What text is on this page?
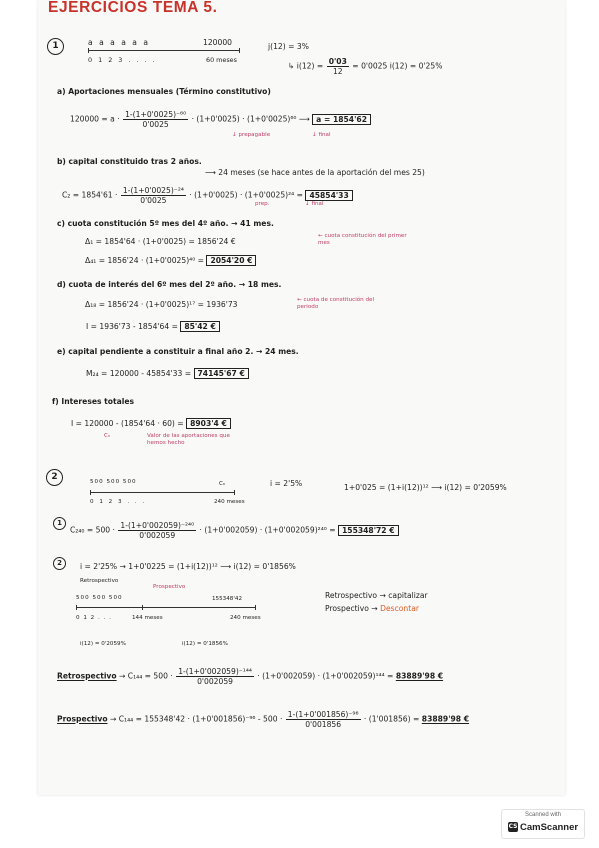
EJERCICIOS TEMA 5.
1	a a a a a a	120000
0 1 2 3 . . . .	60 meses
j(12) = 3%
↳ $i(12) = \frac{0'03}{12} = 0'0025$ i(12) = 0'25%
a) Aportaciones mensuales (Término constitutivo)
$120000 = a \cdot \frac{\text{1-(1+0'0025)⁻⁶⁰}}{0'0025} \cdot (1+0'0025) \cdot (1+0'0025)^{60}$ ⟶ a = 1854'62
↓ prepagable	↓ final
b) capital constituido tras 2 años.
⟶ 24 meses (se hace antes de la aportación del mes 25)
$C_2 = 1854'61 \cdot \frac{\text{1-(1+0'0025)⁻²⁴}}{0'0025} \cdot (1+0'0025) \cdot (1+0'0025)^{24} = 45854'33$
prep.	↓ final
c) cuota constitución 5º mes del 4º año. → 41 mes.
Δ₁ = 1854'64 · (1+0'0025) = 1856'24 €
← cuota constitución del primer mes
Δ₄₁ = 1856'24 · (1+0'0025)⁴⁰ = 2054'20 €
d) cuota de interés del 6º mes del 2º año. → 18 mes.
Δ₁₈ = 1856'24 · (1+0'0025)¹⁷ = 1936'73	← cuota de constitución del periodo
I = 1936'73 - 1854'64 = 85'42 €
e) capital pendiente a constituir a final año 2. → 24 mes.
M₂₄ = 120000 - 45854'33 = 74145'67 €
f) Intereses totales
I = 120000 - (1854'64 · 60) = 8903'4 €
Cₙ	Valor de las aportaciones que hemos hecho
2	500 500 500	Cₙ
0 1 2 3 . . .	240 meses
i = 2'5%	1+0'025 = (1+i(12))¹² ⟶ i(12) = 0'2059%
1
$C_{240} = 500 \cdot \frac{\text{1-(1+0'002059)⁻²⁴⁰}}{0'002059} \cdot (1+0'002059) \cdot (1+0'002059)^{240} = 155348'72$ €
2	i = 2'25% → 1+0'0225 = (1+i(12))¹² ⟶ i(12) = 0'1856%
Retrospectivo
Prospectivo
500 500 500	155348'42
0 1 2 . . .	144 meses	240 meses
i(12) = 0'2059%	i(12) = 0'1856%
Retrospectivo → capitalizar
Prospectivo → Descontar
Retrospectivo → $C_{144} = 500 \cdot \frac{\text{1-(1+0'002059)⁻¹⁴⁴}}{0'002059} \cdot (1+0'002059) \cdot (1+0'002059)^{144} = 83889'98$ €
Prospectivo → $C_{144} = 155348'42 \cdot (1+0'001856)^{-96} - 500 \cdot \frac{\text{1-(1+0'001856)⁻⁹⁶}}{0'001856} \cdot (1'001856) = 83889'98$ €
Scanned with
CS CamScanner
